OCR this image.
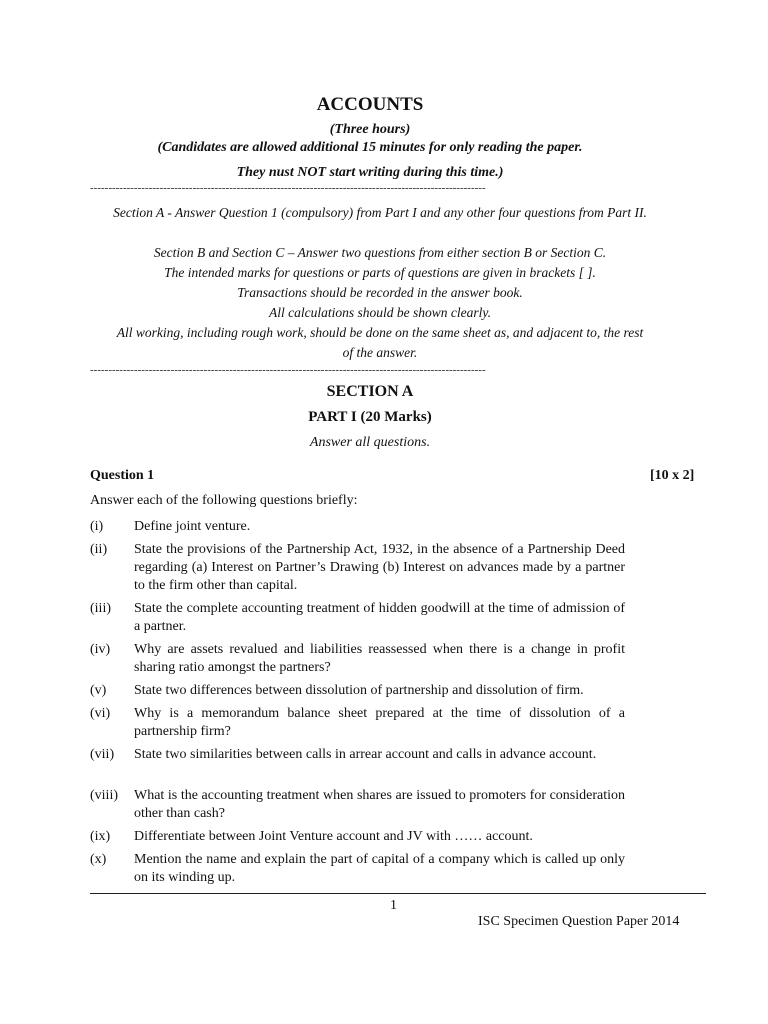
ACCOUNTS
(Three hours)
(Candidates are allowed additional 15 minutes for only reading the paper.
They nust NOT start writing during this time.)
------------------------------------------------------------------------------------------------------------
Section A - Answer Question 1 (compulsory) from Part I and any other four questions from Part II.
Section B and Section C – Answer two questions from either section B or Section C.
The intended marks for questions or parts of questions are given in brackets [ ].
Transactions should be recorded in the answer book.
All calculations should be shown clearly.
All working, including rough work, should be done on the same sheet as, and adjacent to, the rest of the answer.
------------------------------------------------------------------------------------------------------------
SECTION A
PART I (20 Marks)
Answer all questions.
Question 1	[10 x 2]
Answer each of the following questions briefly:
(i) Define joint venture.
(ii) State the provisions of the Partnership Act, 1932, in the absence of a Partnership Deed regarding (a) Interest on Partner’s Drawing (b) Interest on advances made by a partner to the firm other than capital.
(iii) State the complete accounting treatment of hidden goodwill at the time of admission of a partner.
(iv) Why are assets revalued and liabilities reassessed when there is a change in profit sharing ratio amongst the partners?
(v) State two differences between dissolution of partnership and dissolution of firm.
(vi) Why is a memorandum balance sheet prepared at the time of dissolution of a partnership firm?
(vii) State two similarities between calls in arrear account and calls in advance account.
(viii) What is the accounting treatment when shares are issued to promoters for consideration other than cash?
(ix) Differentiate between Joint Venture account and JV with …… account.
(x) Mention the name and explain the part of capital of a company which is called up only on its winding up.
1
ISC Specimen Question Paper 2014
